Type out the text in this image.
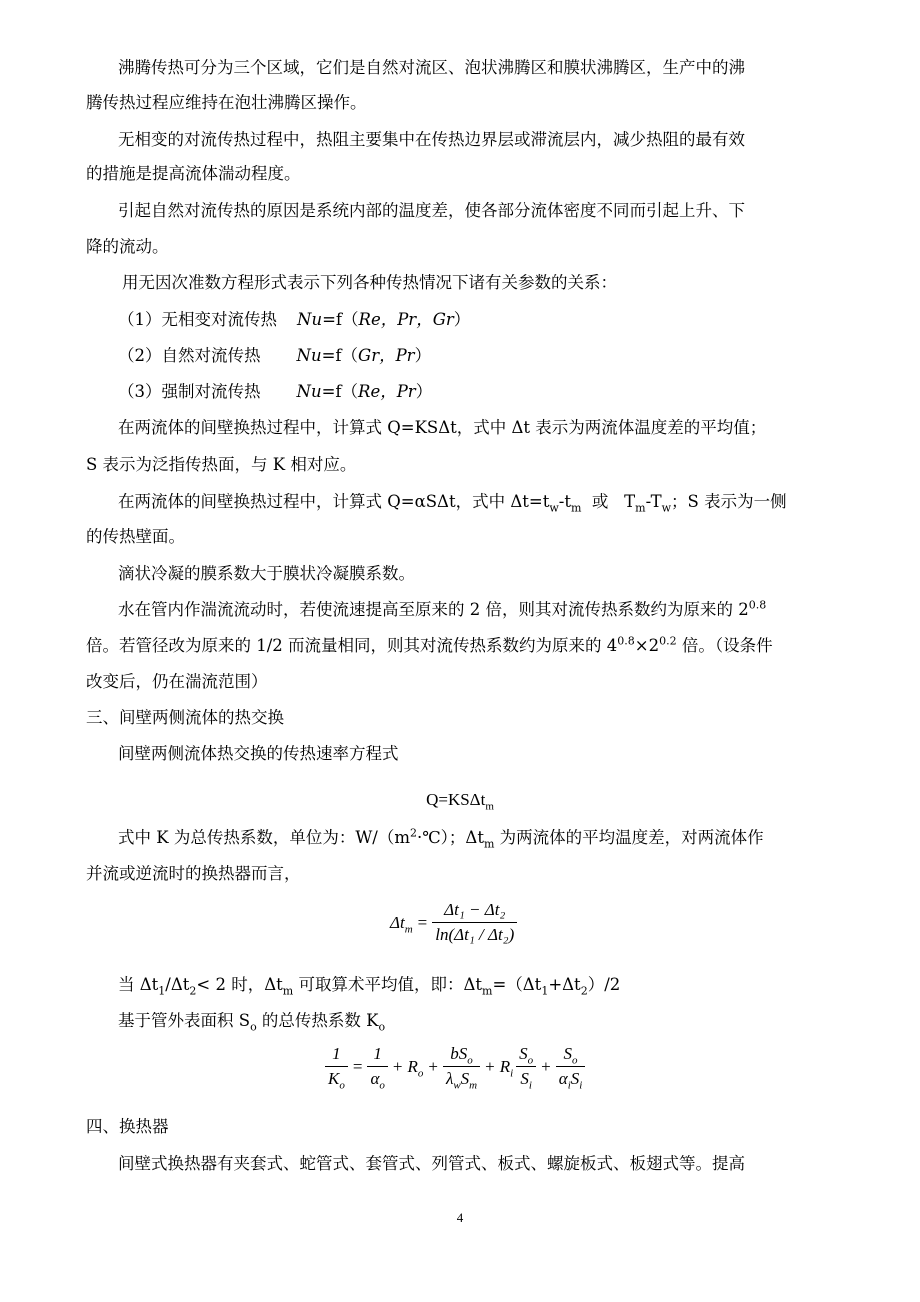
沸腾传热可分为三个区域，它们是自然对流区、泡状沸腾区和膜状沸腾区，生产中的沸
腾传热过程应维持在泡壮沸腾区操作。
无相变的对流传热过程中，热阻主要集中在传热边界层或滞流层内，减少热阻的最有效
的措施是提高流体湍动程度。
引起自然对流传热的原因是系统内部的温度差，使各部分流体密度不同而引起上升、下
降的流动。
用无因次准数方程形式表示下列各种传热情况下诸有关参数的关系：
（1）无相变对流传热 Nu=f（Re，Pr，Gr）
（2）自然对流传热 Nu=f（Gr，Pr）
（3）强制对流传热 Nu=f（Re，Pr）
在两流体的间壁换热过程中，计算式 Q=KSΔt，式中 Δt 表示为两流体温度差的平均值；
S 表示为泛指传热面，与 K 相对应。
在两流体的间壁换热过程中，计算式 Q=αSΔt，式中 $\Delta t=t_w-t_m$  或   $T_m-T_w$；S 表示为一侧
的传热壁面。
滴状冷凝的膜系数大于膜状冷凝膜系数。
水在管内作湍流流动时，若使流速提高至原来的 2 倍，则其对流传热系数约为原来的 $2^{0.8}$
倍。若管径改为原来的 1/2 而流量相同，则其对流传热系数约为原来的 $4^{0.8}\times 2^{0.2}$ 倍。（设条件
改变后，仍在湍流范围）
三、间壁两侧流体的热交换
间壁两侧流体热交换的传热速率方程式
Q=KSΔt$_m$
式中 K 为总传热系数，单位为：$W/(m^2\cdot℃)$；$\Delta t_m$ 为两流体的平均温度差，对两流体作
并流或逆流时的换热器而言，
$\Delta t_m = \frac{\text{Δt₁ − Δt₂}}{\text{ln(Δt₁ / Δt₂)}}$
当 $\Delta t_1/\Delta t_2< 2$ 时，$\Delta t_m$ 可取算术平均值，即：$\Delta t_m=(\Delta t_1+\Delta t_2)/2$
基于管外表面积 $S_o$ 的总传热系数 $K_o$
$\frac{1}{K_o} = \frac{1}{\alpha_o} + R_o + \frac{bS_o}{\lambda_wS_m} + R_i \frac{S_o}{S_i} + \frac{S_o}{\alpha_iS_i}$
四、换热器
间壁式换热器有夹套式、蛇管式、套管式、列管式、板式、螺旋板式、板翅式等。提高
4
